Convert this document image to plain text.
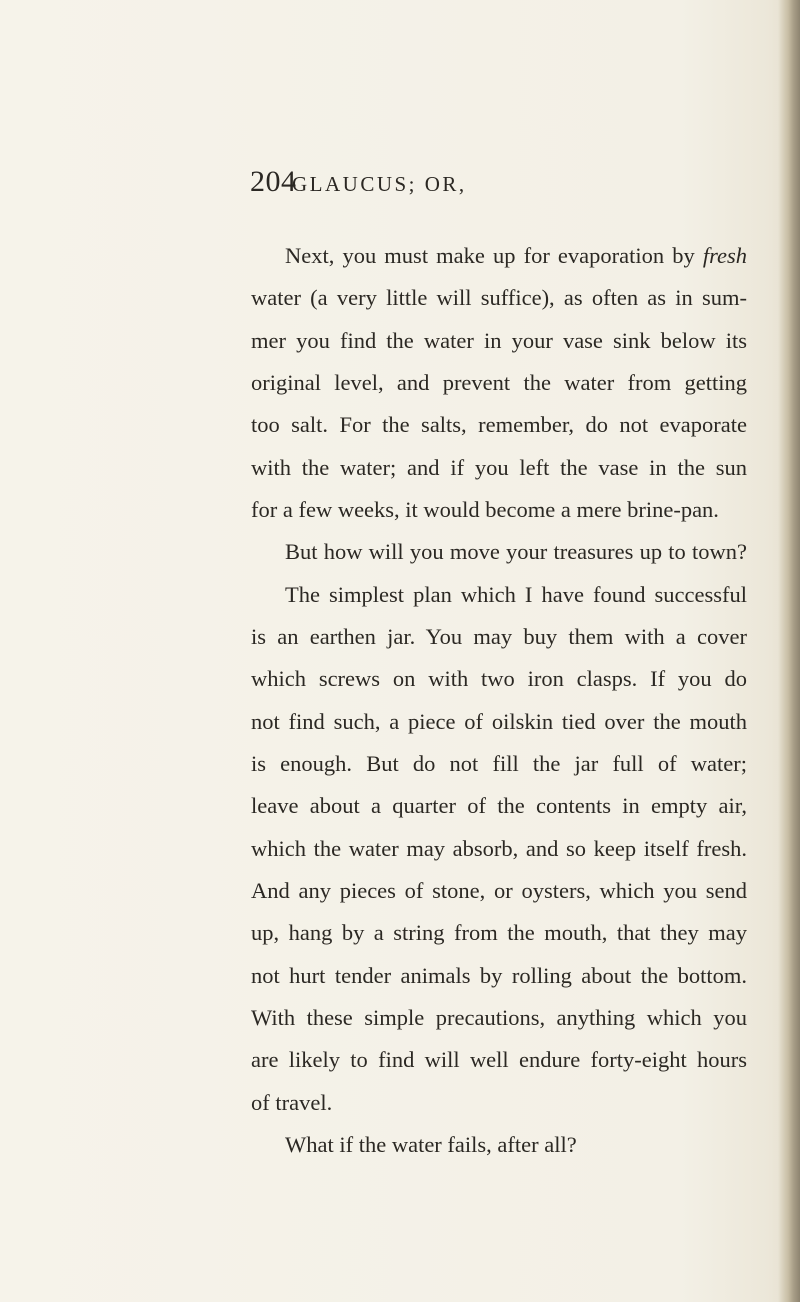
204
GLAUCUS; OR,
Next, you must make up for evaporation by fresh
water (a very little will suffice), as often as in sum-
mer you find the water in your vase sink below its
original level, and prevent the water from getting
too salt. For the salts, remember, do not evaporate
with the water; and if you left the vase in the sun
for a few weeks, it would become a mere brine-pan.
But how will you move your treasures up to town?
The simplest plan which I have found successful
is an earthen jar. You may buy them with a cover
which screws on with two iron clasps. If you do
not find such, a piece of oilskin tied over the mouth
is enough. But do not fill the jar full of water;
leave about a quarter of the contents in empty air,
which the water may absorb, and so keep itself fresh.
And any pieces of stone, or oysters, which you send
up, hang by a string from the mouth, that they may
not hurt tender animals by rolling about the bottom.
With these simple precautions, anything which you
are likely to find will well endure forty-eight hours
of travel.
What if the water fails, after all?
